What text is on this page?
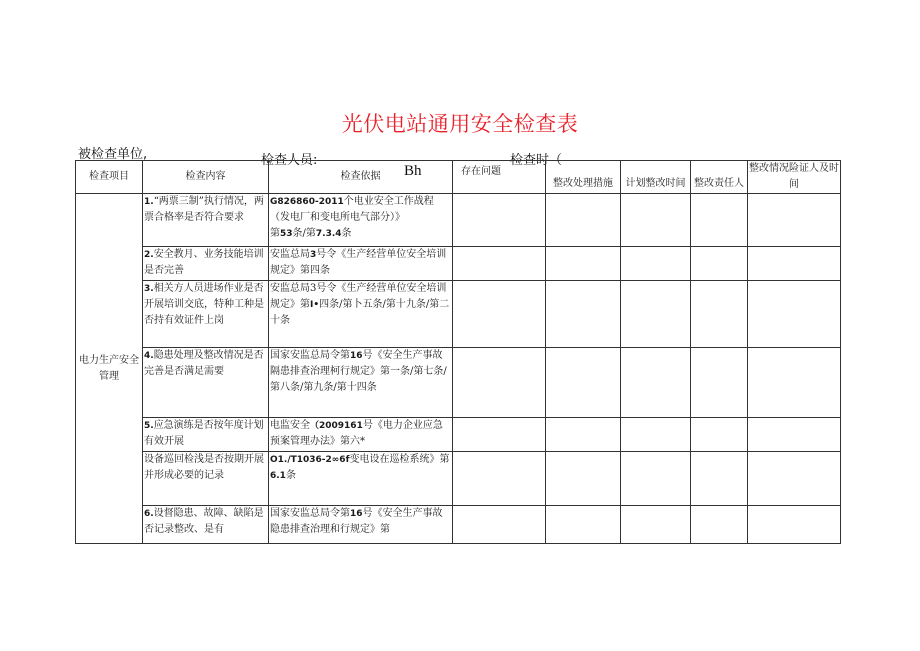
光伏电站通用安全检查表
被检查单位,	检查人员:	检查时（
Bh
检查项目	检查内容	检查依据	存在问题	整改处理措施	计划整改时间	整改责任人	整改情况险证人及时间

电力生产安全管理	1.“两票三制”执行情况，两票合格率是否符合要求	G826860-2011个电业安全工作战程（发电厂和变电所电气部分）》
第53条/第7.3.4条					
	2.安全教月、业务技能培训是否完善	安监总局3号令《生产经营单位安全培训规定》第四条					
	3.相关方人员进场作业是否开展培训交底，特种工种是否持有效证件上岗	安监总局3号令《生产经营单位安全培训规定》第I•四条/第卜五条/第十九条/第二十条					
	4.隐患处理及整改情况是否完善是否满足需要	国家安监总局令第16号《安全生产事故隔患排查治理柯行规定》第一条/第七条/第八条/第九条/第十四条					
	5.应急演练是否按年度计划有效开展	电监安全（2009161号《电力企业应急预案管理办法》第六*					
	设备巡回检浅是否按期开展并形成必要的记录	O1./T1036-2∞6f变电设在巡检系统》第6.1条					
	6.设督隐患、故障、缺陷是否记录整改、是有	国家安监总局令第16号《安全生产事故隐患排查治理和行规定》第					
